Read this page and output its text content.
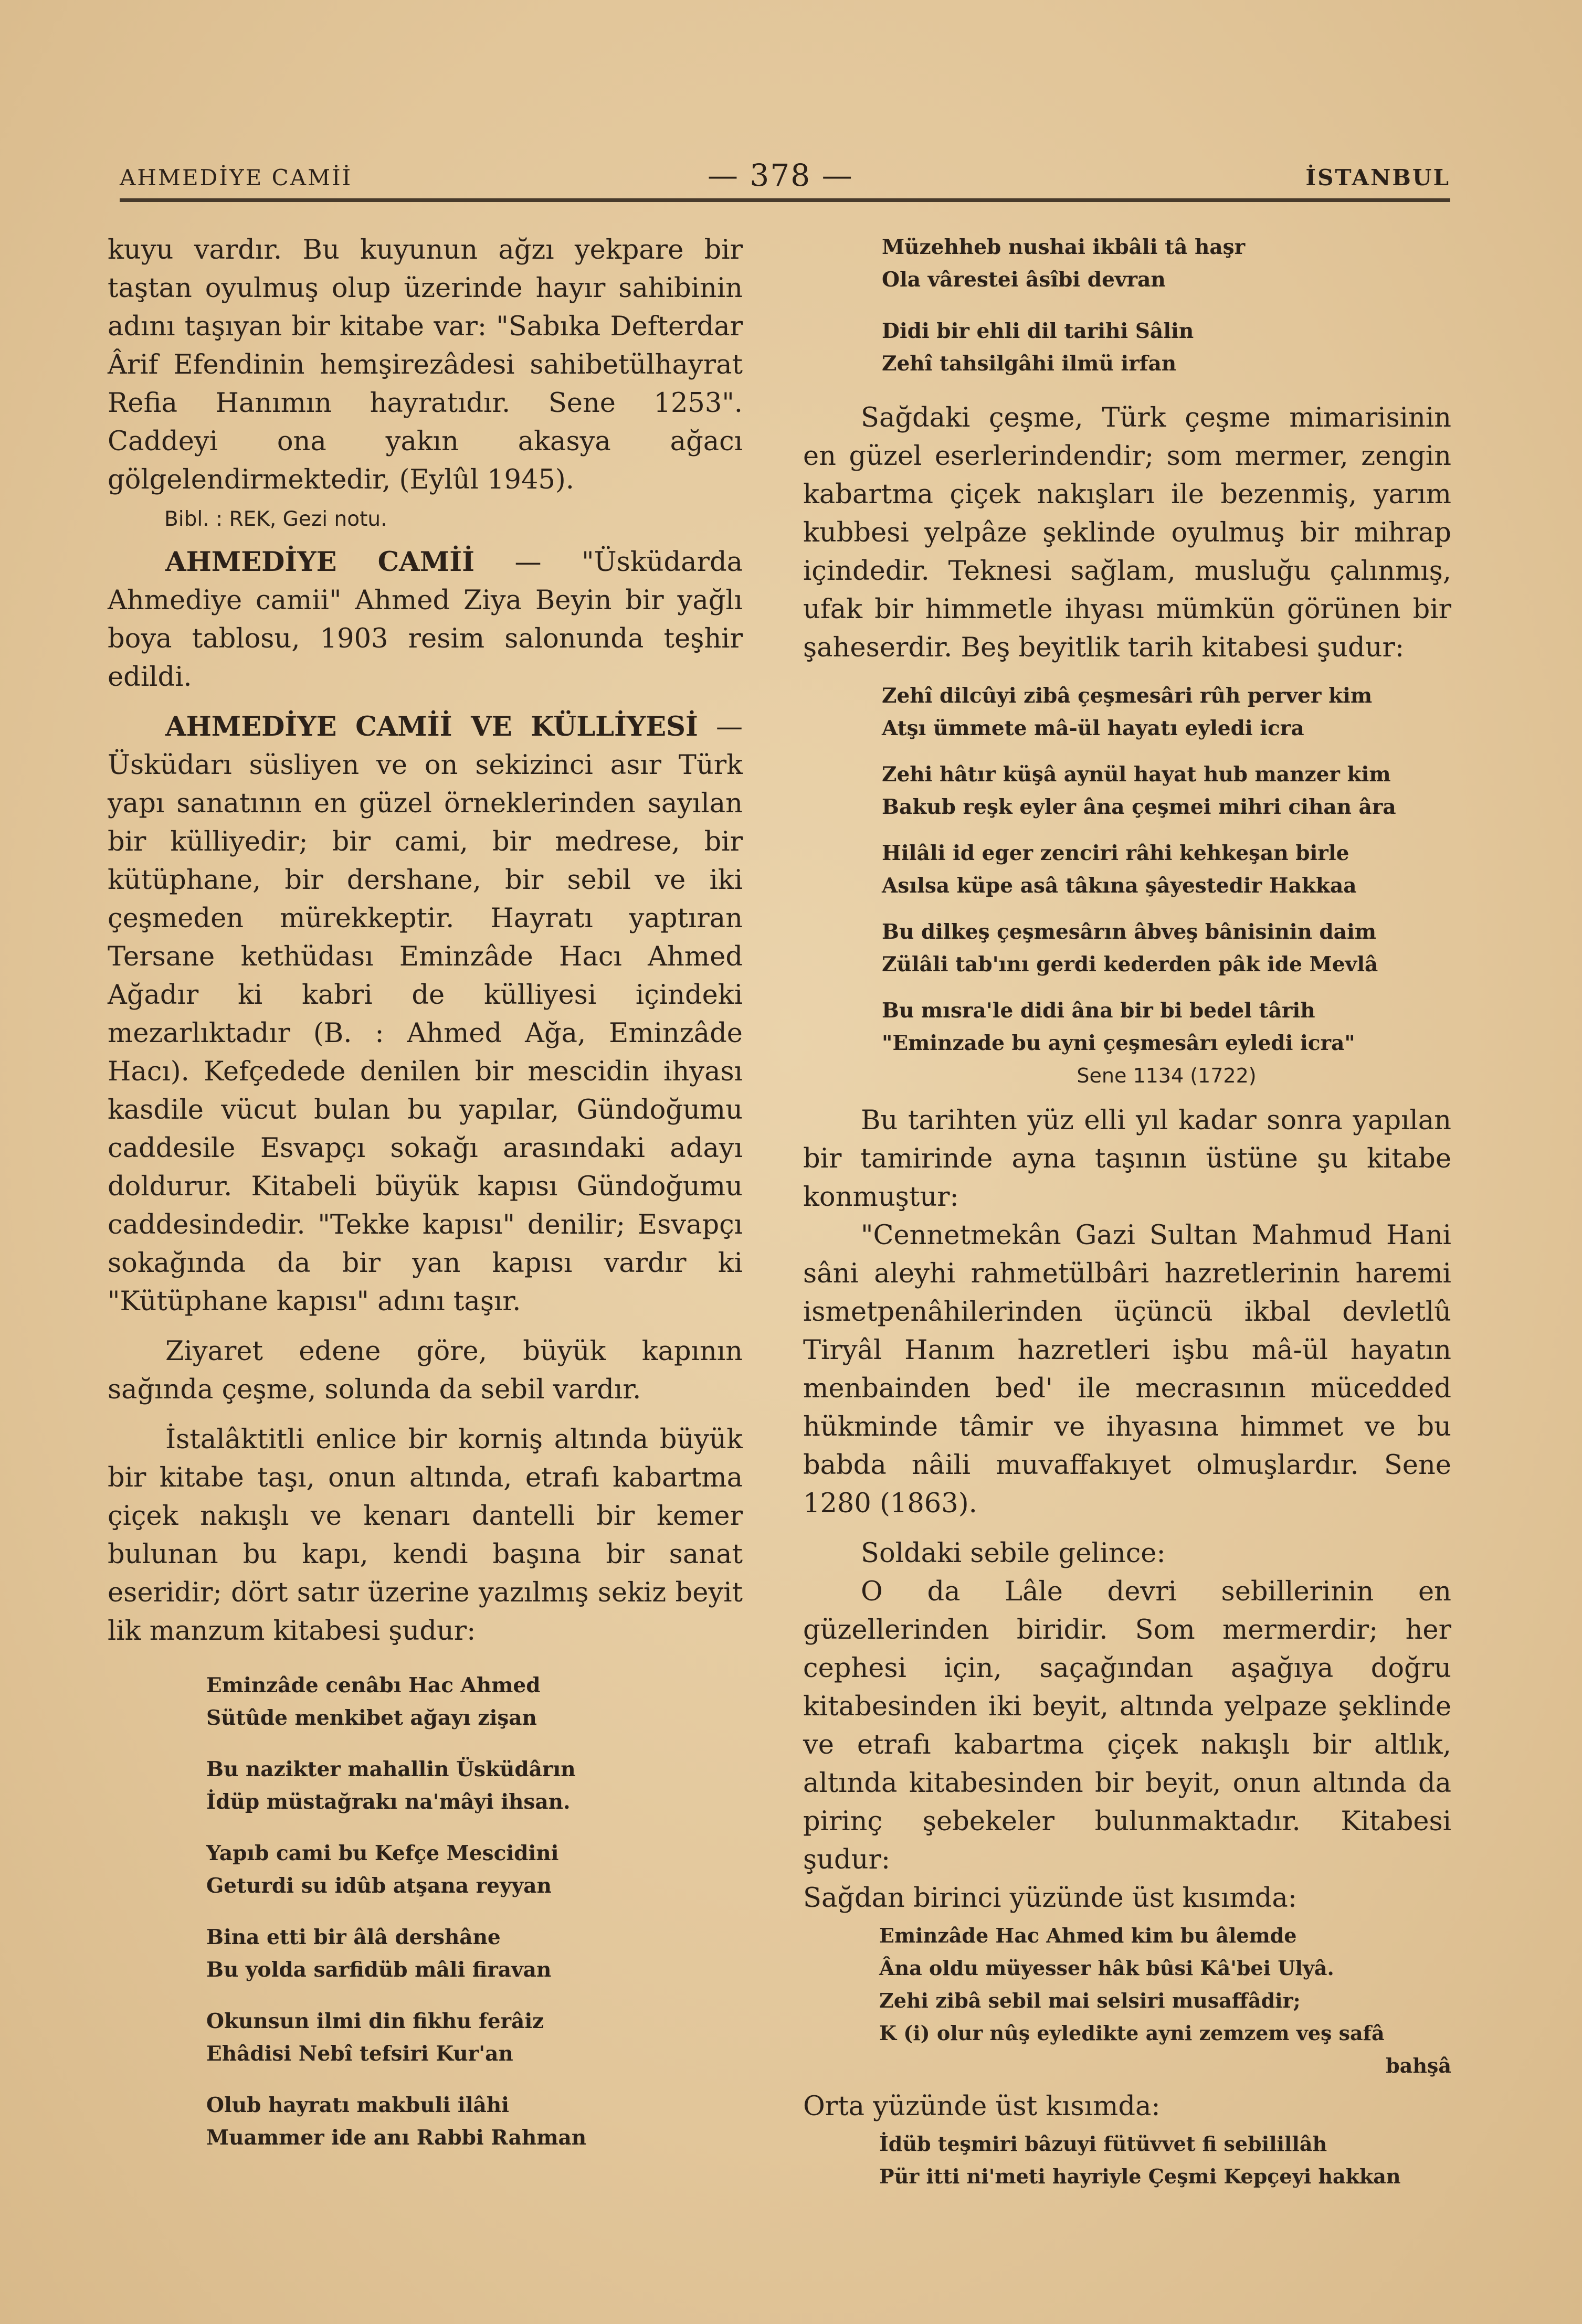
AHMEDİYE CAMİİ	— 378 —	İSTANBUL

kuyu vardır. Bu kuyunun ağzı yekpare bir taştan oyulmuş olup üzerinde hayır sahibinin adını taşıyan bir kitabe var: "Sabıka Defterdar Ârif Efendinin hemşirezâdesi sahibetülhayrat Refia Hanımın hayratıdır. Sene 1253". Caddeyi ona yakın akasya ağacı gölgelendirmektedir, (Eylûl 1945).

Bibl. : REK, Gezi notu.

AHMEDİYE CAMİİ — "Üsküdarda Ahmediye camii" Ahmed Ziya Beyin bir yağlı boya tablosu, 1903 resim salonunda teşhir edildi.

AHMEDİYE CAMİİ VE KÜLLİYESİ — Üsküdarı süsliyen ve on sekizinci asır Türk yapı sanatının en güzel örneklerinden sayılan bir külliyedir; bir cami, bir medrese, bir kütüphane, bir dershane, bir sebil ve iki çeşmeden mürekkeptir. Hayratı yaptıran Tersane kethüdası Eminzâde Hacı Ahmed Ağadır ki kabri de külliyesi içindeki mezarlıktadır (B. : Ahmed Ağa, Eminzâde Hacı). Kefçedede denilen bir mescidin ihyası kasdile vücut bulan bu yapılar, Gündoğumu caddesile Esvapçı sokağı arasındaki adayı doldurur. Kitabeli büyük kapısı Gündoğumu caddesindedir. "Tekke kapısı" denilir; Esvapçı sokağında da bir yan kapısı vardır ki "Kütüphane kapısı" adını taşır.

Ziyaret edene göre, büyük kapının sağında çeşme, solunda da sebil vardır.

İstalâktitli enlice bir korniş altında büyük bir kitabe taşı, onun altında, etrafı kabartma çiçek nakışlı ve kenarı dantelli bir kemer bulunan bu kapı, kendi başına bir sanat eseridir; dört satır üzerine yazılmış sekiz beyit lik manzum kitabesi şudur:

Eminzâde cenâbı Hac Ahmed
Sütûde menkibet ağayı zişan
Bu nazikter mahallin Üsküdârın
İdüp müstağrakı na'mâyi ihsan.
Yapıb cami bu Kefçe Mescidini
Geturdi su idûb atşana reyyan
Bina etti bir âlâ dershâne
Bu yolda sarfidüb mâli firavan
Okunsun ilmi din fikhu ferâiz
Ehâdisi Nebî tefsiri Kur'an
Olub hayratı makbuli ilâhi
Muammer ide anı Rabbi Rahman
Müzehheb nushai ikbâli tâ haşr
Ola vârestei âsîbi devran
Didi bir ehli dil tarihi Sâlin
Zehî tahsilgâhi ilmü irfan

Sağdaki çeşme, Türk çeşme mimarisinin en güzel eserlerindendir; som mermer, zengin kabartma çiçek nakışları ile bezenmiş, yarım kubbesi yelpâze şeklinde oyulmuş bir mihrap içindedir. Teknesi sağlam, musluğu çalınmış, ufak bir himmetle ihyası mümkün görünen bir şaheserdir. Beş beyitlik tarih kitabesi şudur:

Zehî dilcûyi zibâ çeşmesâri rûh perver kim
Atşı ümmete mâ-ül hayatı eyledi icra
Zehi hâtır küşâ aynül hayat hub manzer kim
Bakub reşk eyler âna çeşmei mihri cihan âra
Hilâli id eger zenciri râhi kehkeşan birle
Asılsa küpe asâ tâkına şâyestedir Hakkaa
Bu dilkeş çeşmesârın âbveş bânisinin daim
Zülâli tab'ını gerdi kederden pâk ide Mevlâ
Bu mısra'le didi âna bir bi bedel târih
"Eminzade bu ayni çeşmesârı eyledi icra"
Sene 1134 (1722)

Bu tarihten yüz elli yıl kadar sonra yapılan bir tamirinde ayna taşının üstüne şu kitabe konmuştur:

"Cennetmekân Gazi Sultan Mahmud Hani sâni aleyhi rahmetülbâri hazretlerinin haremi ismetpenâhilerinden üçüncü ikbal devletlû Tiryâl Hanım hazretleri işbu mâ-ül hayatın menbainden bed' ile mecrasının mücedded hükminde tâmir ve ihyasına himmet ve bu babda nâili muvaffakıyet olmuşlardır. Sene 1280 (1863).

Soldaki sebile gelince:

O da Lâle devri sebillerinin en güzellerinden biridir. Som mermerdir; her cephesi için, saçağından aşağıya doğru kitabesinden iki beyit, altında yelpaze şeklinde ve etrafı kabartma çiçek nakışlı bir altlık, altında kitabesinden bir beyit, onun altında da pirinç şebekeler bulunmaktadır. Kitabesi şudur:

Sağdan birinci yüzünde üst kısımda:

Eminzâde Hac Ahmed kim bu âlemde
Âna oldu müyesser hâk bûsi Kâ'bei Ulyâ.
Zehi zibâ sebil mai selsiri musaffâdir;
K (i) olur nûş eyledikte ayni zemzem veş safâ
bahşâ

Orta yüzünde üst kısımda:

İdüb teşmiri bâzuyi fütüvvet fi sebilillâh
Pür itti ni'meti hayriyle Çeşmi Kepçeyi hakkan
